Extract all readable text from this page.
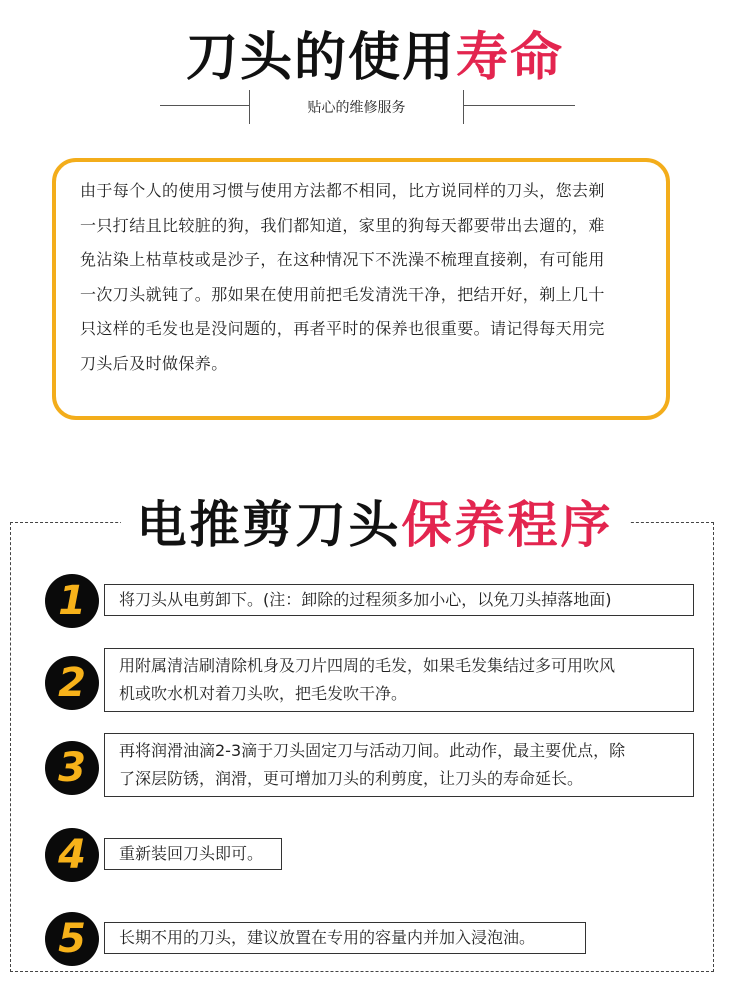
刀头的使用寿命
贴心的维修服务
由于每个人的使用习惯与使用方法都不相同，比方说同样的刀头，您去剃
一只打结且比较脏的狗，我们都知道，家里的狗每天都要带出去遛的，难
免沾染上枯草枝或是沙子，在这种情况下不洗澡不梳理直接剃，有可能用
一次刀头就钝了。那如果在使用前把毛发清洗干净，把结开好，剃上几十
只这样的毛发也是没问题的，再者平时的保养也很重要。请记得每天用完
刀头后及时做保养。
电推剪刀头保养程序
1	将刀头从电剪卸下。(注：卸除的过程须多加小心，以免刀头掉落地面)
2	用附属清洁刷清除机身及刀片四周的毛发，如果毛发集结过多可用吹风
机或吹水机对着刀头吹，把毛发吹干净。
3	再将润滑油滴2-3滴于刀头固定刀与活动刀间。此动作，最主要优点，除
了深层防锈，润滑，更可增加刀头的利剪度，让刀头的寿命延长。
4	重新装回刀头即可。
5	长期不用的刀头，建议放置在专用的容量内并加入浸泡油。
